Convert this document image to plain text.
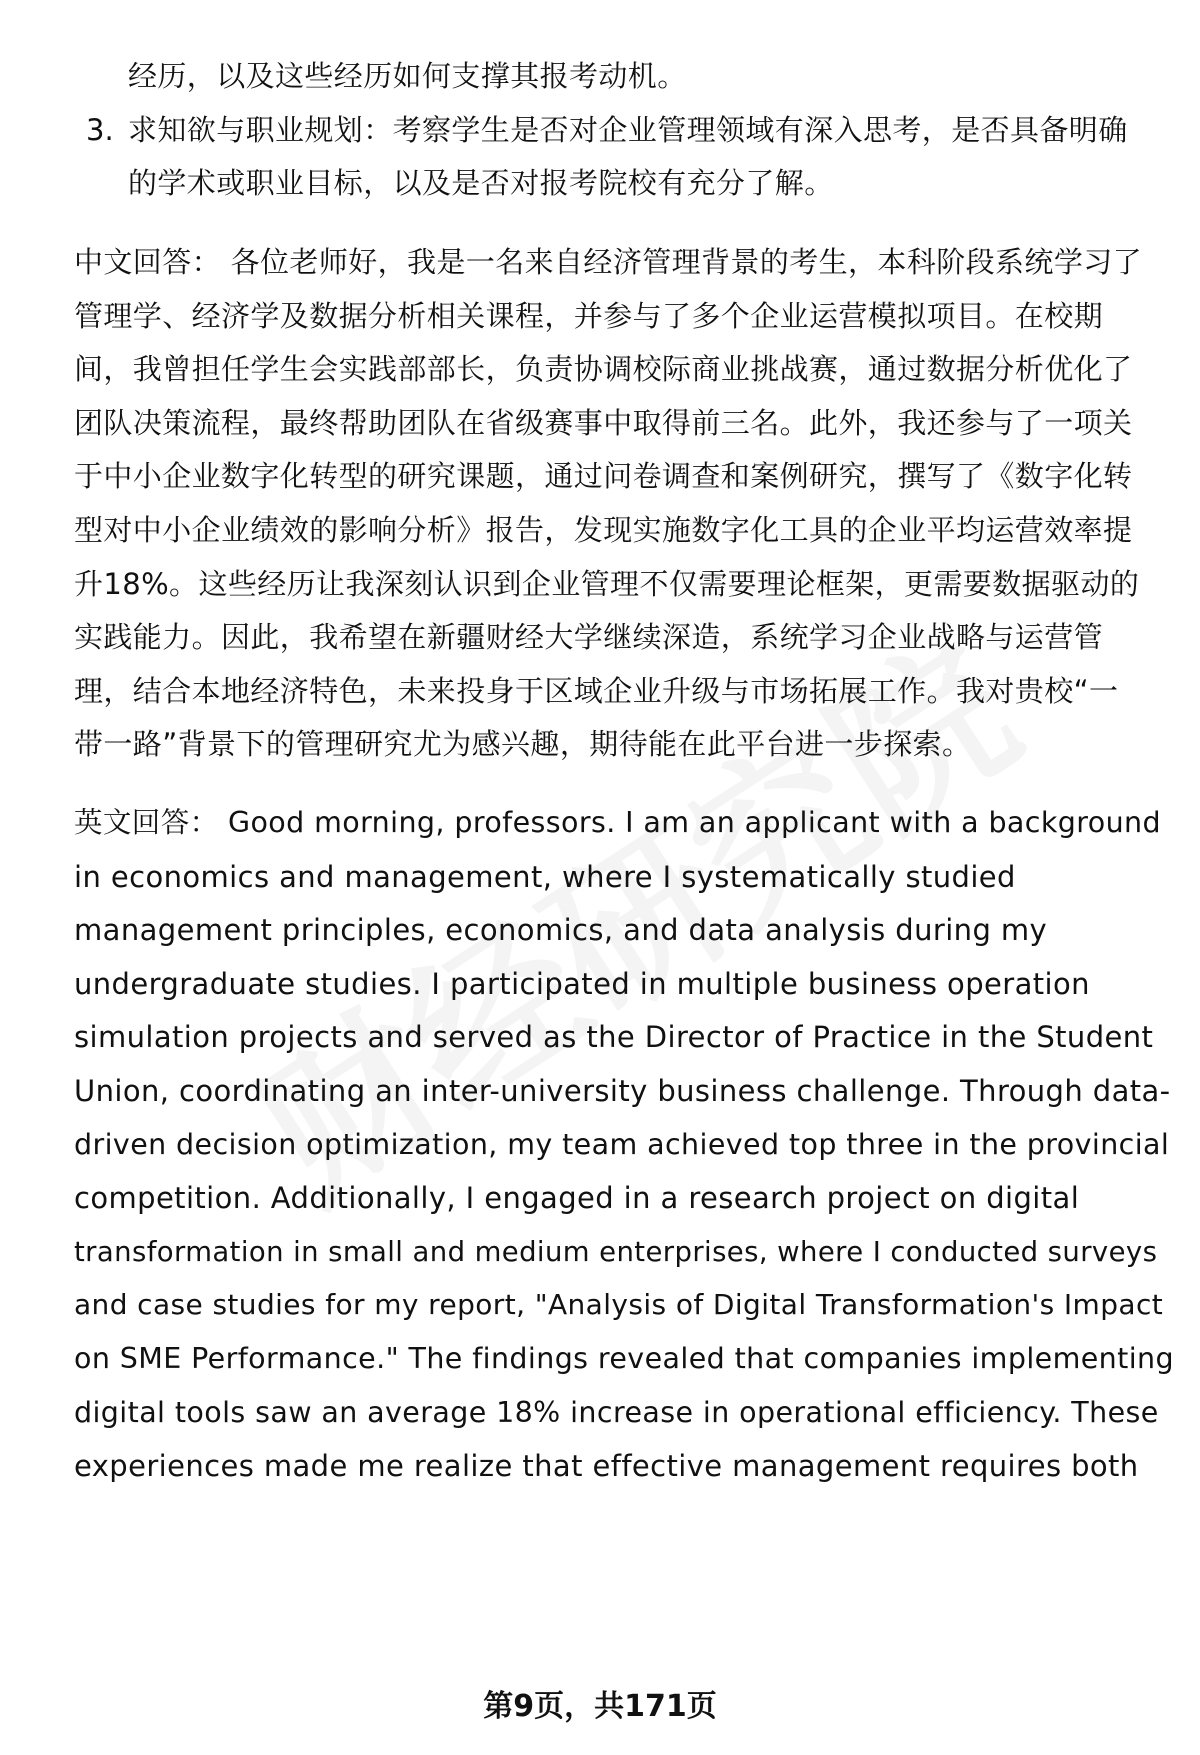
经历，以及这些经历如何支撑其报考动机。

3. 求知欲与职业规划：考察学生是否对企业管理领域有深入思考，是否具备明确

的学术或职业目标，以及是否对报考院校有充分了解。

中文回答： 各位老师好，我是一名来自经济管理背景的考生，本科阶段系统学习了

管理学、经济学及数据分析相关课程，并参与了多个企业运营模拟项目。在校期

间，我曾担任学生会实践部部长，负责协调校际商业挑战赛，通过数据分析优化了

团队决策流程，最终帮助团队在省级赛事中取得前三名。此外，我还参与了一项关

于中小企业数字化转型的研究课题，通过问卷调查和案例研究，撰写了《数字化转

型对中小企业绩效的影响分析》报告，发现实施数字化工具的企业平均运营效率提

升18%。这些经历让我深刻认识到企业管理不仅需要理论框架，更需要数据驱动的

实践能力。因此，我希望在新疆财经大学继续深造，系统学习企业战略与运营管

理，结合本地经济特色，未来投身于区域企业升级与市场拓展工作。我对贵校“一

带一路”背景下的管理研究尤为感兴趣，期待能在此平台进一步探索。

英文回答： Good morning, professors. I am an applicant with a background

in economics and management, where I systematically studied

management principles, economics, and data analysis during my

undergraduate studies. I participated in multiple business operation

simulation projects and served as the Director of Practice in the Student

Union, coordinating an inter-university business challenge. Through data-

driven decision optimization, my team achieved top three in the provincial

competition. Additionally, I engaged in a research project on digital

transformation in small and medium enterprises, where I conducted surveys

and case studies for my report, "Analysis of Digital Transformation's Impact

on SME Performance." The findings revealed that companies implementing

digital tools saw an average 18% increase in operational efficiency. These

experiences made me realize that effective management requires both

第9页，共171页
